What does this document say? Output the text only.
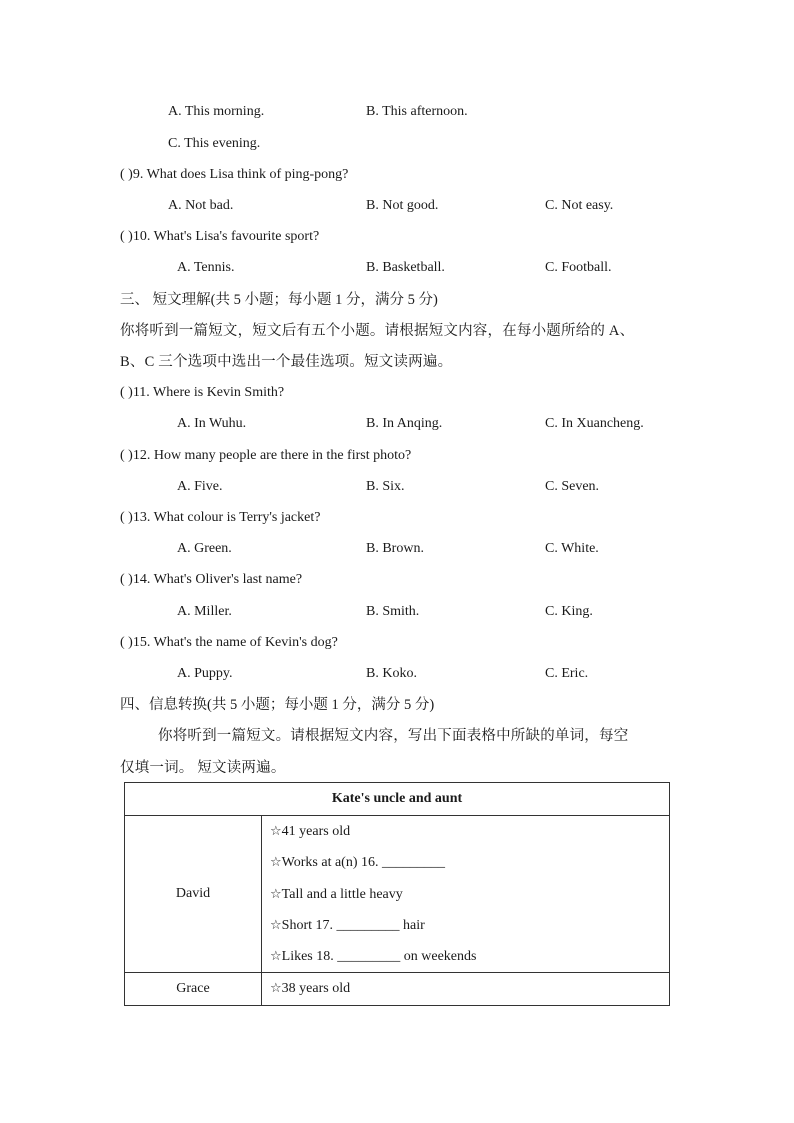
A. This morning.	B. This afternoon.
C. This evening.
( )9. What does Lisa think of ping-pong?
A. Not bad.	B. Not good.	C. Not easy.
( )10. What's Lisa's favourite sport?
A. Tennis.	B. Basketball.	C. Football.
三、 短文理解(共 5 小题；每小题 1 分，满分 5 分)
你将听到一篇短文，短文后有五个小题。请根据短文内容，在每小题所给的 A、
B、C 三个选项中选出一个最佳选项。短文读两遍。
( )11. Where is Kevin Smith?
A. In Wuhu.	B. In Anqing.	C. In Xuancheng.
( )12. How many people are there in the first photo?
A. Five.	B. Six.	C. Seven.
( )13. What colour is Terry's jacket?
A. Green.	B. Brown.	C. White.
( )14. What's Oliver's last name?
A. Miller.	B. Smith.	C. King.
( )15. What's the name of Kevin's dog?
A. Puppy.	B. Koko.	C. Eric.
四、信息转换(共 5 小题；每小题 1 分，满分 5 分)
你将听到一篇短文。请根据短文内容，写出下面表格中所缺的单词，每空
仅填一词。 短文读两遍。
Kate's uncle and aunt	
David	☆41 years old
☆Works at a(n) 16. _________
☆Tall and a little heavy
☆Short 17. _________ hair
☆Likes 18. _________ on weekends

Grace	☆38 years old
